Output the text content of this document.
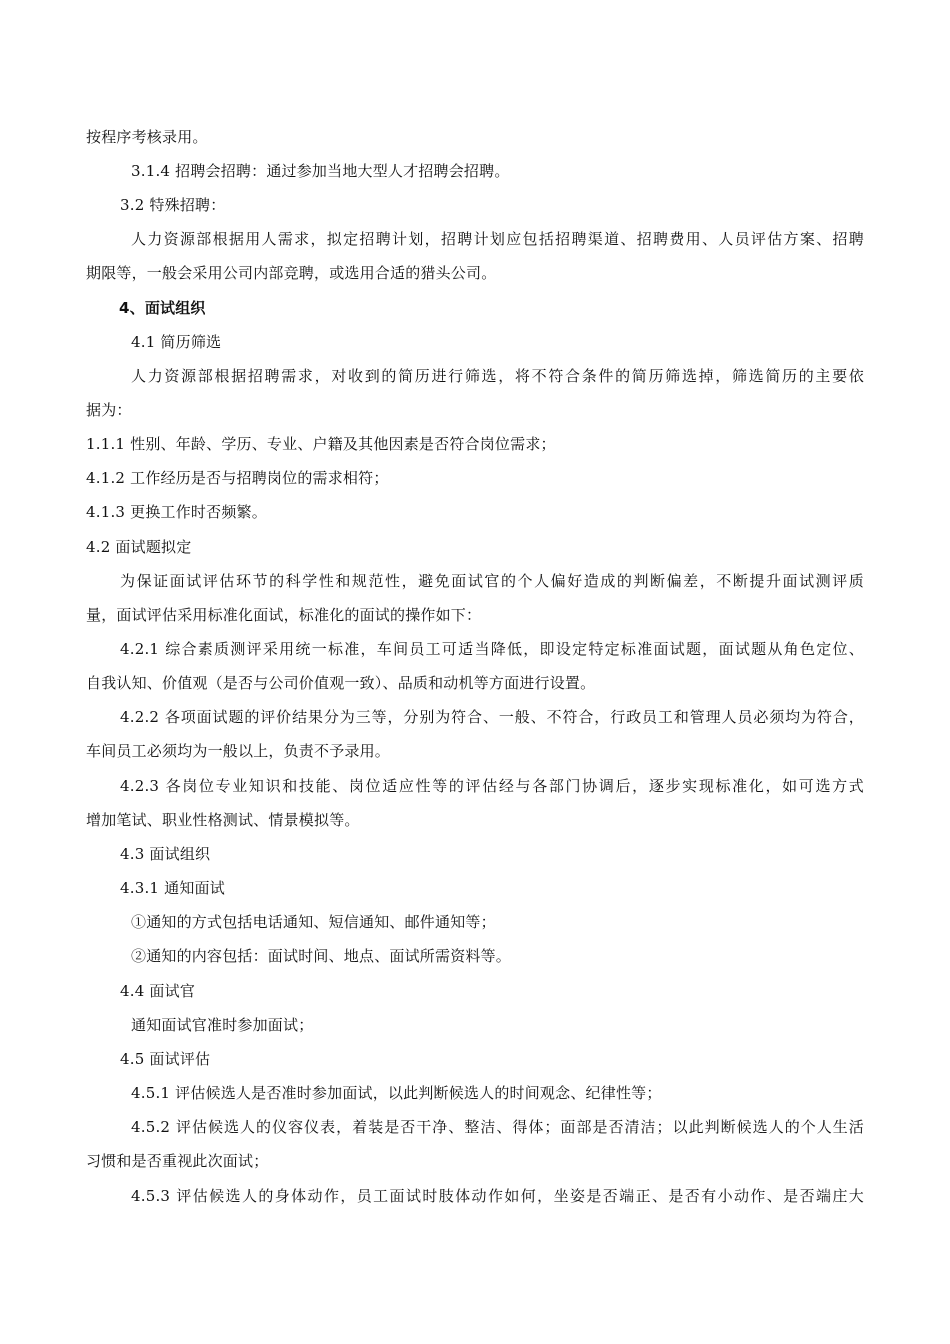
按程序考核录用。
3.1.4 招聘会招聘：通过参加当地大型人才招聘会招聘。
3.2 特殊招聘：
人力资源部根据用人需求，拟定招聘计划，招聘计划应包括招聘渠道、招聘费用、人员评估方案、招聘
期限等，一般会采用公司内部竞聘，或选用合适的猎头公司。
4、面试组织
4.1 简历筛选
人力资源部根据招聘需求，对收到的简历进行筛选，将不符合条件的简历筛选掉，筛选简历的主要依
据为：
1.1.1 性别、年龄、学历、专业、户籍及其他因素是否符合岗位需求；
4.1.2 工作经历是否与招聘岗位的需求相符；
4.1.3 更换工作时否频繁。
4.2 面试题拟定
为保证面试评估环节的科学性和规范性，避免面试官的个人偏好造成的判断偏差，不断提升面试测评质
量，面试评估采用标准化面试，标准化的面试的操作如下：
4.2.1 综合素质测评采用统一标准，车间员工可适当降低，即设定特定标准面试题，面试题从角色定位、
自我认知、价值观（是否与公司价值观一致）、品质和动机等方面进行设置。
4.2.2 各项面试题的评价结果分为三等，分别为符合、一般、不符合，行政员工和管理人员必须均为符合，
车间员工必须均为一般以上，负责不予录用。
4.2.3 各岗位专业知识和技能、岗位适应性等的评估经与各部门协调后，逐步实现标准化，如可选方式
增加笔试、职业性格测试、情景模拟等。
4.3 面试组织
4.3.1 通知面试
①通知的方式包括电话通知、短信通知、邮件通知等；
②通知的内容包括：面试时间、地点、面试所需资料等。
4.4 面试官
通知面试官准时参加面试；
4.5 面试评估
4.5.1 评估候选人是否准时参加面试，以此判断候选人的时间观念、纪律性等；
4.5.2 评估候选人的仪容仪表，着装是否干净、整洁、得体；面部是否清洁；以此判断候选人的个人生活
习惯和是否重视此次面试；
4.5.3 评估候选人的身体动作，员工面试时肢体动作如何，坐姿是否端正、是否有小动作、是否端庄大
